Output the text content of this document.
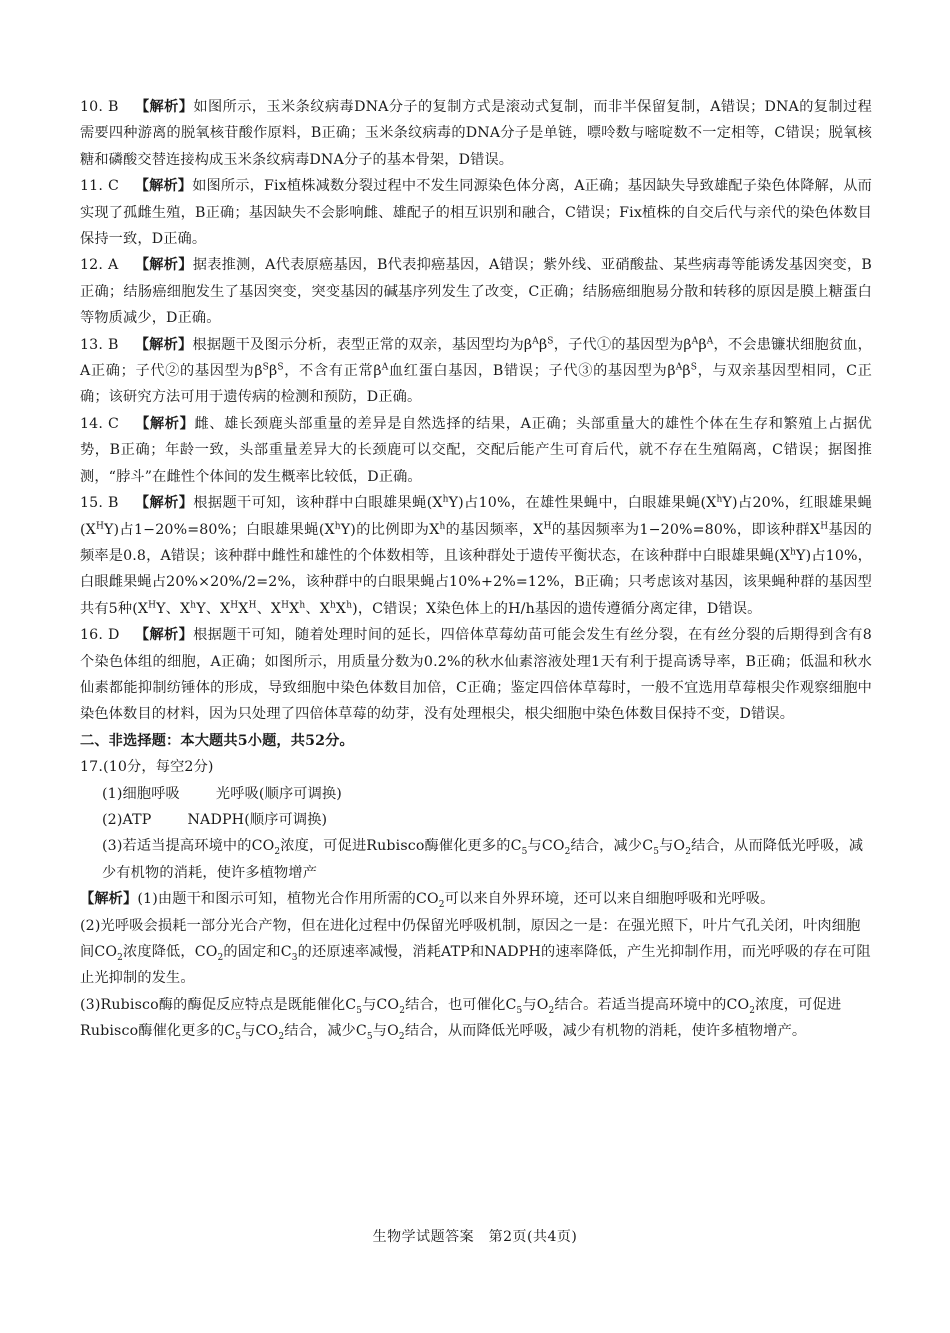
10. B 【解析】如图所示，玉米条纹病毒DNA分子的复制方式是滚动式复制，而非半保留复制，A错误；DNA的复制过程需要四种游离的脱氧核苷酸作原料，B正确；玉米条纹病毒的DNA分子是单链，嘌呤数与嘧啶数不一定相等，C错误；脱氧核糖和磷酸交替连接构成玉米条纹病毒DNA分子的基本骨架，D错误。

11. C 【解析】如图所示，Fix植株减数分裂过程中不发生同源染色体分离，A正确；基因缺失导致雄配子染色体降解，从而实现了孤雌生殖，B正确；基因缺失不会影响雌、雄配子的相互识别和融合，C错误；Fix植株的自交后代与亲代的染色体数目保持一致，D正确。

12. A 【解析】据表推测，A代表原癌基因，B代表抑癌基因，A错误；紫外线、亚硝酸盐、某些病毒等能诱发基因突变，B正确；结肠癌细胞发生了基因突变，突变基因的碱基序列发生了改变，C正确；结肠癌细胞易分散和转移的原因是膜上糖蛋白等物质减少，D正确。

13. B 【解析】根据题干及图示分析，表型正常的双亲，基因型均为$\beta^A\beta^S$，子代①的基因型为$\beta^A\beta^A$，不会患镰状细胞贫血，A正确；子代②的基因型为$\beta^S\beta^S$，不含有正常$\beta^A$血红蛋白基因，B错误；子代③的基因型为$\beta^A\beta^S$，与双亲基因型相同，C正确；该研究方法可用于遗传病的检测和预防，D正确。

14. C 【解析】雌、雄长颈鹿头部重量的差异是自然选择的结果，A正确；头部重量大的雄性个体在生存和繁殖上占据优势，B正确；年龄一致，头部重量差异大的长颈鹿可以交配，交配后能产生可育后代，就不存在生殖隔离，C错误；据图推测，“脖斗”在雌性个体间的发生概率比较低，D正确。

15. B 【解析】根据题干可知，该种群中白眼雄果蝇$(X^hY)$占10%，在雄性果蝇中，白眼雄果蝇$(X^hY)$占20%，红眼雄果蝇$(X^HY)$占1−20%=80%；白眼雄果蝇$(X^hY)$的比例即为$X^h$的基因频率，$X^H$的基因频率为1−20%=80%，即该种群$X^H$基因的频率是0.8，A错误；该种群中雌性和雄性的个体数相等，且该种群处于遗传平衡状态，在该种群中白眼雄果蝇$(X^hY)$占10%，白眼雌果蝇占20%×20%/2=2%，该种群中的白眼果蝇占10%+2%=12%，B正确；只考虑该对基因，该果蝇种群的基因型共有5种($X^HY$、$X^hY$、$X^HX^H$、$X^HX^h$、$X^hX^h$)，C错误；X染色体上的H/h基因的遗传遵循分离定律，D错误。

16. D 【解析】根据题干可知，随着处理时间的延长，四倍体草莓幼苗可能会发生有丝分裂，在有丝分裂的后期得到含有8个染色体组的细胞，A正确；如图所示，用质量分数为0.2%的秋水仙素溶液处理1天有利于提高诱导率，B正确；低温和秋水仙素都能抑制纺锤体的形成，导致细胞中染色体数目加倍，C正确；鉴定四倍体草莓时，一般不宜选用草莓根尖作观察细胞中染色体数目的材料，因为只处理了四倍体草莓的幼芽，没有处理根尖，根尖细胞中染色体数目保持不变，D错误。

二、非选择题：本大题共5小题，共52分。

17.(10分，每空2分)

(1)细胞呼吸	光呼吸(顺序可调换)

(2)ATP	NADPH(顺序可调换)

(3)若适当提高环境中的$CO_2$浓度，可促进Rubisco酶催化更多的$C_5$与$CO_2$结合，减少$C_5$与$O_2$结合，从而降低光呼吸，减少有机物的消耗，使许多植物增产

【解析】(1)由题干和图示可知，植物光合作用所需的$CO_2$可以来自外界环境，还可以来自细胞呼吸和光呼吸。

(2)光呼吸会损耗一部分光合产物，但在进化过程中仍保留光呼吸机制，原因之一是：在强光照下，叶片气孔关闭，叶肉细胞间$CO_2$浓度降低，$CO_2$的固定和$C_3$的还原速率减慢，消耗ATP和NADPH的速率降低，产生光抑制作用，而光呼吸的存在可阻止光抑制的发生。

(3)Rubisco酶的酶促反应特点是既能催化$C_5$与$CO_2$结合，也可催化$C_5$与$O_2$结合。若适当提高环境中的$CO_2$浓度，可促进Rubisco酶催化更多的$C_5$与$CO_2$结合，减少$C_5$与$O_2$结合，从而降低光呼吸，减少有机物的消耗，使许多植物增产。

生物学试题答案　第2页(共4页)
